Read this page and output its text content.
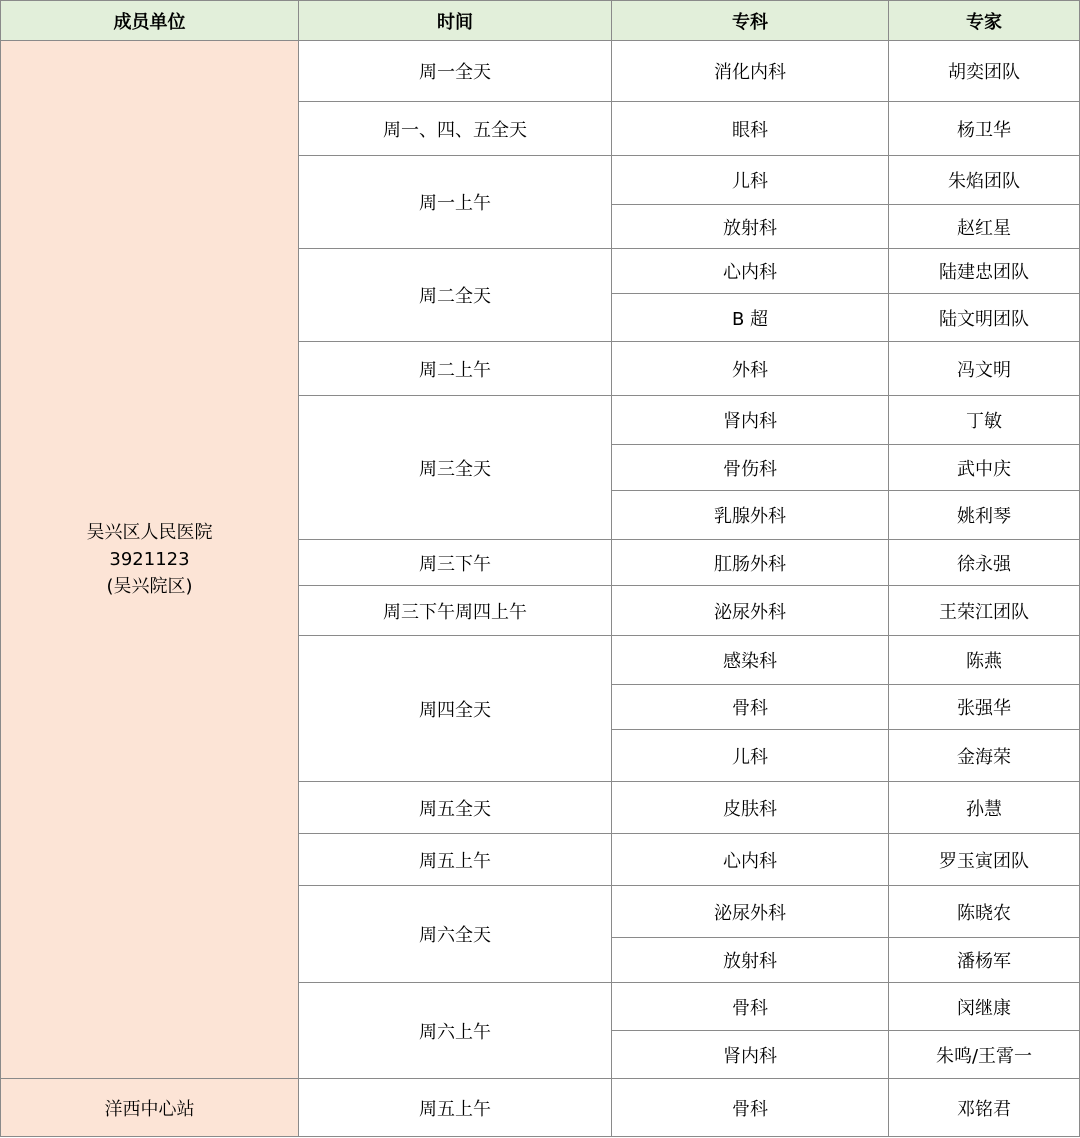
成员单位	时间	专科	专家

吴兴区人民医院
3921123
(吴兴院区)	周一全天	消化内科	胡奕团队
	周一、四、五全天	眼科	杨卫华
	周一上午	儿科	朱焰团队
		放射科	赵红星
	周二全天	心内科	陆建忠团队
		B 超	陆文明团队
	周二上午	外科	冯文明
	周三全天	肾内科	丁敏
		骨伤科	武中庆
		乳腺外科	姚利琴
	周三下午	肛肠外科	徐永强
	周三下午周四上午	泌尿外科	王荣江团队
	周四全天	感染科	陈燕
		骨科	张强华
		儿科	金海荣
	周五全天	皮肤科	孙慧
	周五上午	心内科	罗玉寅团队
	周六全天	泌尿外科	陈晓农
		放射科	潘杨军
	周六上午	骨科	闵继康
		肾内科	朱鸣/王霄一
洋西中心站	周五上午	骨科	邓铭君
